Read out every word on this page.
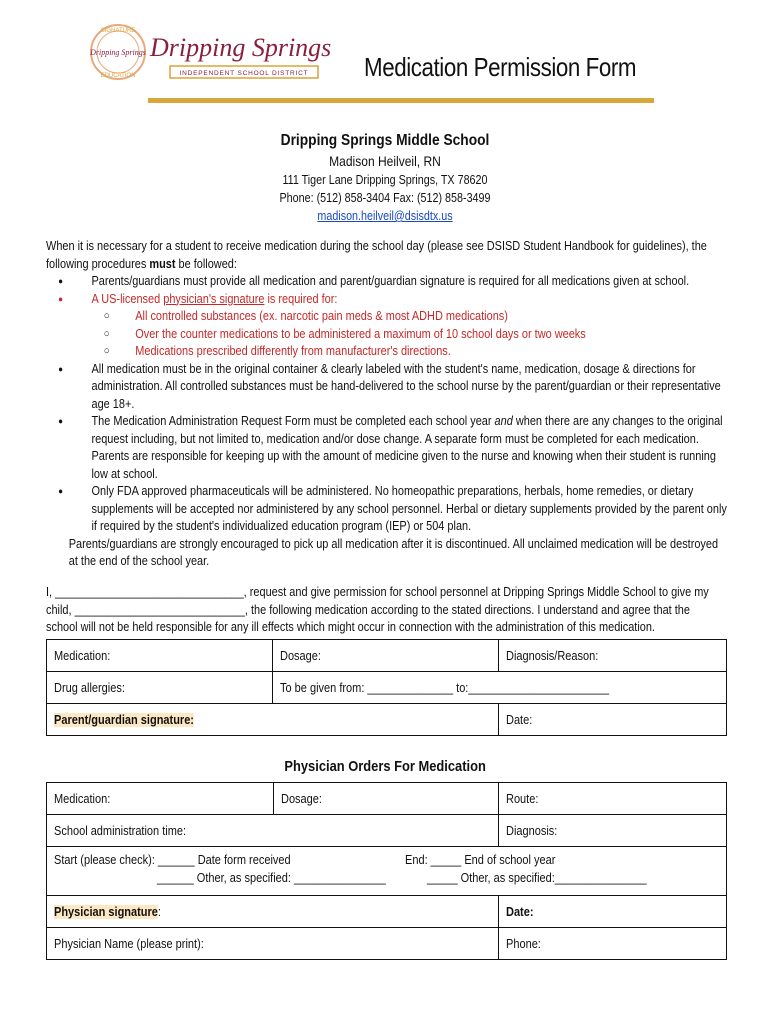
SIGNATURE
EDUCATION
Dripping Springs Dripping Springs
INDEPENDENT SCHOOL DISTRICT Medication Permission Form
Dripping Springs Middle School
Madison Heilveil, RN
111 Tiger Lane Dripping Springs, TX 78620
Phone: (512) 858-3404 Fax: (512) 858-3499
madison.heilveil@dsisdtx.us

When it is necessary for a student to receive medication during the school day (please see DSISD Student Handbook for guidelines), the following procedures must be followed:

● Parents/guardians must provide all medication and parent/guardian signature is required for all medications given at school.
● A US-licensed physician's signature is required for:
○ All controlled substances (ex. narcotic pain meds & most ADHD medications)
○ Over the counter medications to be administered a maximum of 10 school days or two weeks
○ Medications prescribed differently from manufacturer's directions.
● All medication must be in the original container & clearly labeled with the student's name, medication, dosage & directions for administration. All controlled substances must be hand-delivered to the school nurse by the parent/guardian or their representative age 18+.
● The Medication Administration Request Form must be completed each school year and when there are any changes to the original request including, but not limited to, medication and/or dose change. A separate form must be completed for each medication. Parents are responsible for keeping up with the amount of medicine given to the nurse and knowing when their student is running low at school.
● Only FDA approved pharmaceuticals will be administered. No homeopathic preparations, herbals, home remedies, or dietary supplements will be accepted nor administered by any school personnel. Herbal or dietary supplements provided by the parent only if required by the student's individualized education program (IEP) or 504 plan.

Parents/guardians are strongly encouraged to pick up all medication after it is discontinued. All unclaimed medication will be destroyed at the end of the school year.

I, _______________________________, request and give permission for school personnel at Dripping Springs Middle School to give my

child, ____________________________, the following medication according to the stated directions. I understand and agree that the

school will not be held responsible for any ill effects which might occur in connection with the administration of this medication.

Medication:	Dosage:	Diagnosis/Reason:
Drug allergies:	To be given from: ______________ to:_______________________	
Parent/guardian signature:		Date:
Physician Orders For Medication
Medication:	Dosage:	Route:
School administration time:		Diagnosis:

Start (please check): ______ Date form received
______ Other, as specified: _______________
End: _____ End of school year
_____ Other, as specified:_______________		

Physician signature:		Date:
Physician Name (please print):		Phone:
